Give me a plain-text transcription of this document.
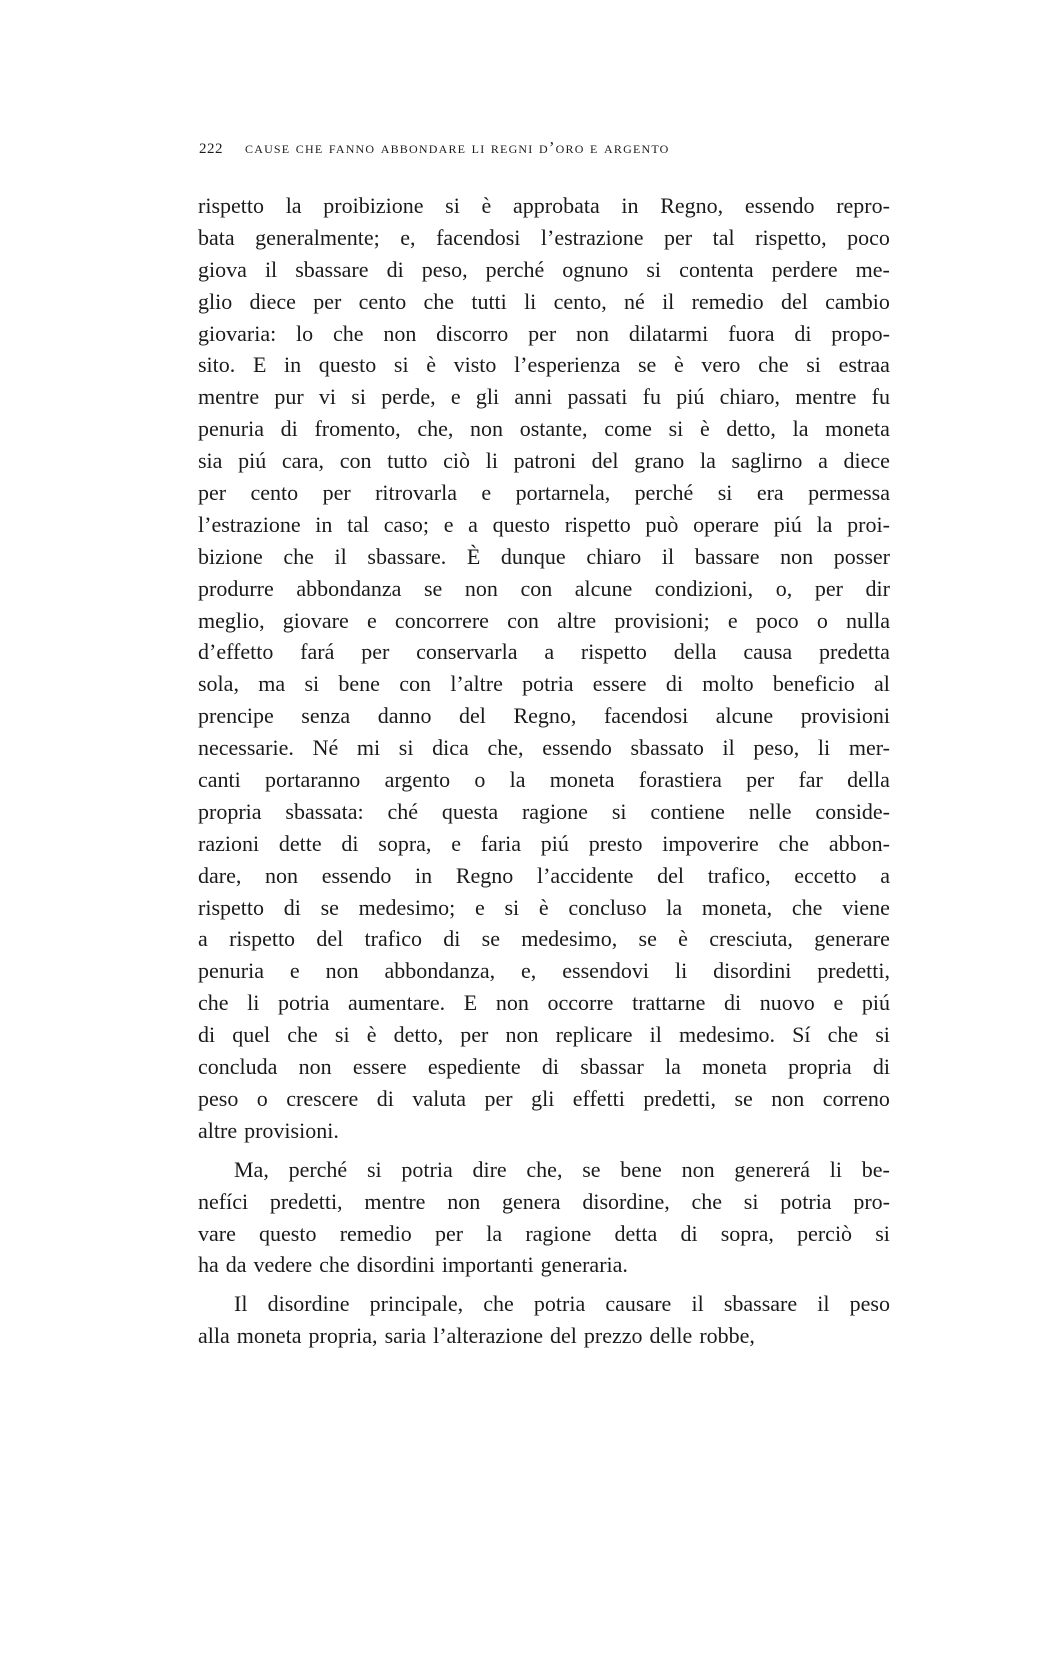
222 cause che fanno abbondare li regni d’oro e argento
rispetto la proibizione si è approbata in Regno, essendo repro-
bata generalmente; e, facendosi l’estrazione per tal rispetto, poco
giova il sbassare di peso, perché ognuno si contenta perdere me-
glio diece per cento che tutti li cento, né il remedio del cambio
giovaria: lo che non discorro per non dilatarmi fuora di propo-
sito. E in questo si è visto l’esperienza se è vero che si estraa
mentre pur vi si perde, e gli anni passati fu piú chiaro, mentre fu
penuria di fromento, che, non ostante, come si è detto, la moneta
sia piú cara, con tutto ciò li patroni del grano la saglirno a diece
per cento per ritrovarla e portarnela, perché si era permessa
l’estrazione in tal caso; e a questo rispetto può operare piú la proi-
bizione che il sbassare. È dunque chiaro il bassare non posser
produrre abbondanza se non con alcune condizioni, o, per dir
meglio, giovare e concorrere con altre provisioni; e poco o nulla
d’effetto fará per conservarla a rispetto della causa predetta
sola, ma si bene con l’altre potria essere di molto beneficio al
prencipe senza danno del Regno, facendosi alcune provisioni
necessarie. Né mi si dica che, essendo sbassato il peso, li mer-
canti portaranno argento o la moneta forastiera per far della
propria sbassata: ché questa ragione si contiene nelle conside-
razioni dette di sopra, e faria piú presto impoverire che abbon-
dare, non essendo in Regno l’accidente del trafico, eccetto a
rispetto di se medesimo; e si è concluso la moneta, che viene
a rispetto del trafico di se medesimo, se è cresciuta, generare
penuria e non abbondanza, e, essendovi li disordini predetti,
che li potria aumentare. E non occorre trattarne di nuovo e piú
di quel che si è detto, per non replicare il medesimo. Sí che si
concluda non essere espediente di sbassar la moneta propria di
peso o crescere di valuta per gli effetti predetti, se non correno
altre provisioni.
Ma, perché si potria dire che, se bene non genererá li be-
nefíci predetti, mentre non genera disordine, che si potria pro-
vare questo remedio per la ragione detta di sopra, perciò si
ha da vedere che disordini importanti generaria.
Il disordine principale, che potria causare il sbassare il peso
alla moneta propria, saria l’alterazione del prezzo delle robbe,
